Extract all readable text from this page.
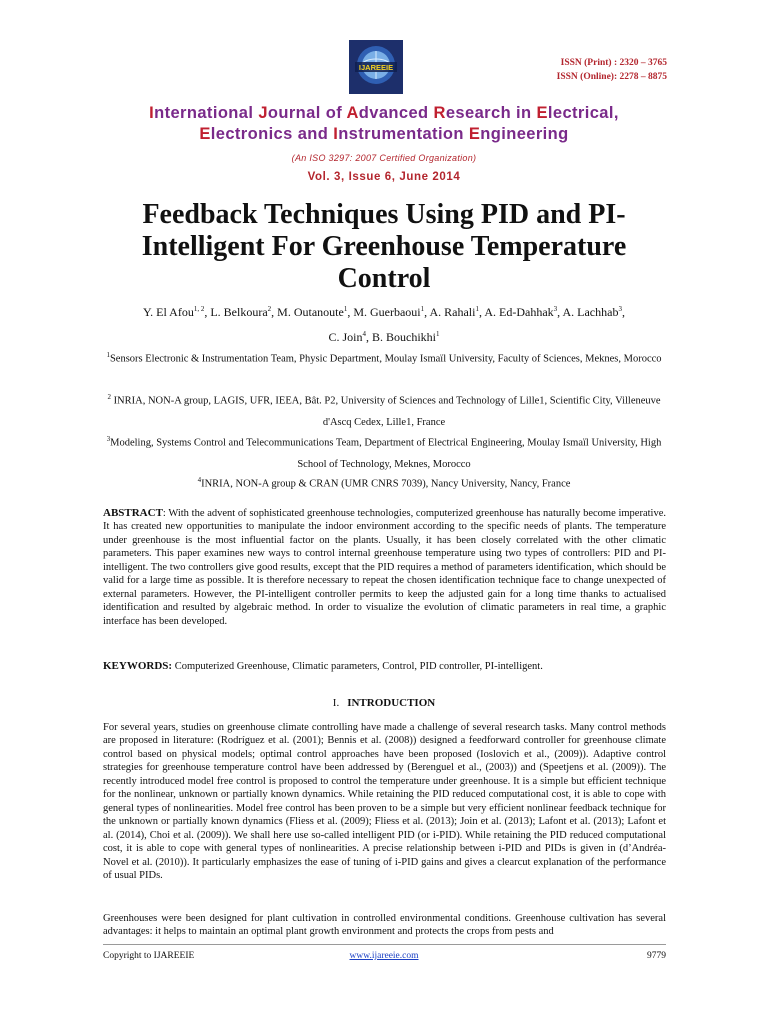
IJAREEIE	ISSN (Print) : 2320 – 3765
ISSN (Online): 2278 – 8875
International Journal of Advanced Research in Electrical,
Electronics and Instrumentation Engineering
(An ISO 3297: 2007 Certified Organization)
Vol. 3, Issue 6, June 2014
Feedback Techniques Using PID and PI-
Intelligent For Greenhouse Temperature
Control
Y. El Afou$^{1, 2}$, L. Belkoura$^2$, M. Outanoute$^1$, M. Guerbaoui$^1$, A. Rahali$^1$, A. Ed-Dahhak$^3$, A. Lachhab$^3$,
C. Join$^4$, B. Bouchikhi$^1$
$^1$Sensors Electronic & Instrumentation Team, Physic Department, Moulay Ismaïl University, Faculty of Sciences, Meknes, Morocco
$^2$ INRIA, NON-A group, LAGIS, UFR, IEEA, Bât. P2, University of Sciences and Technology of Lille1, Scientific City, Villeneuve d'Ascq Cedex, Lille1, France
$^3$Modeling, Systems Control and Telecommunications Team, Department of Electrical Engineering, Moulay Ismaïl University, High School of Technology, Meknes, Morocco
$^4$INRIA, NON-A group & CRAN (UMR CNRS 7039), Nancy University, Nancy, France
ABSTRACT: With the advent of sophisticated greenhouse technologies, computerized greenhouse has naturally become imperative. It has created new opportunities to manipulate the indoor environment according to the specific needs of plants. The temperature under greenhouse is the most influential factor on the plants. Usually, it has been closely correlated with the other climatic parameters. This paper examines new ways to control internal greenhouse temperature using two types of controllers: PID and PI-intelligent. The two controllers give good results, except that the PID requires a method of parameters identification, which should be valid for a large time as possible. It is therefore necessary to repeat the chosen identification technique face to change unexpected of external parameters. However, the PI-intelligent controller permits to keep the adjusted gain for a long time thanks to actualised identification and resulted by algebraic method. In order to visualize the evolution of climatic parameters in real time, a graphic interface has been developed.
KEYWORDS: Computerized Greenhouse, Climatic parameters, Control, PID controller, PI-intelligent.
I. INTRODUCTION
For several years, studies on greenhouse climate controlling have made a challenge of several research tasks. Many control methods are proposed in literature: (Rodríguez et al. (2001); Bennis et al. (2008)) designed a feedforward controller for greenhouse climate control based on physical models; optimal control approaches have been proposed (Ioslovich et al., (2009)). Adaptive control strategies for greenhouse temperature control have been addressed by (Berenguel et al., (2003)) and (Speetjens et al. (2009)). The recently introduced model free control is proposed to control the temperature under greenhouse. It is a simple but efficient technique for the nonlinear, unknown or partially known dynamics. While retaining the PID reduced computational cost, it is able to cope with general types of nonlinearities. Model free control has been proven to be a simple but very efficient nonlinear feedback technique for the unknown or partially known dynamics (Fliess et al. (2009); Fliess et al. (2013); Join et al. (2013); Lafont et al. (2013); Lafont et al. (2014), Choi et al. (2009)). We shall here use so-called intelligent PID (or i-PID). While retaining the PID reduced computational cost, it is able to cope with general types of nonlinearities. A precise relationship between i-PID and PIDs is given in (d’Andréa-Novel et al. (2010)). It particularly emphasizes the ease of tuning of i-PID gains and gives a clearcut explanation of the performance of usual PIDs.
Greenhouses were been designed for plant cultivation in controlled environmental conditions. Greenhouse cultivation has several advantages: it helps to maintain an optimal plant growth environment and protects the crops from pests and
Copyright to IJAREEIE	www.ijareeie.com	9779
